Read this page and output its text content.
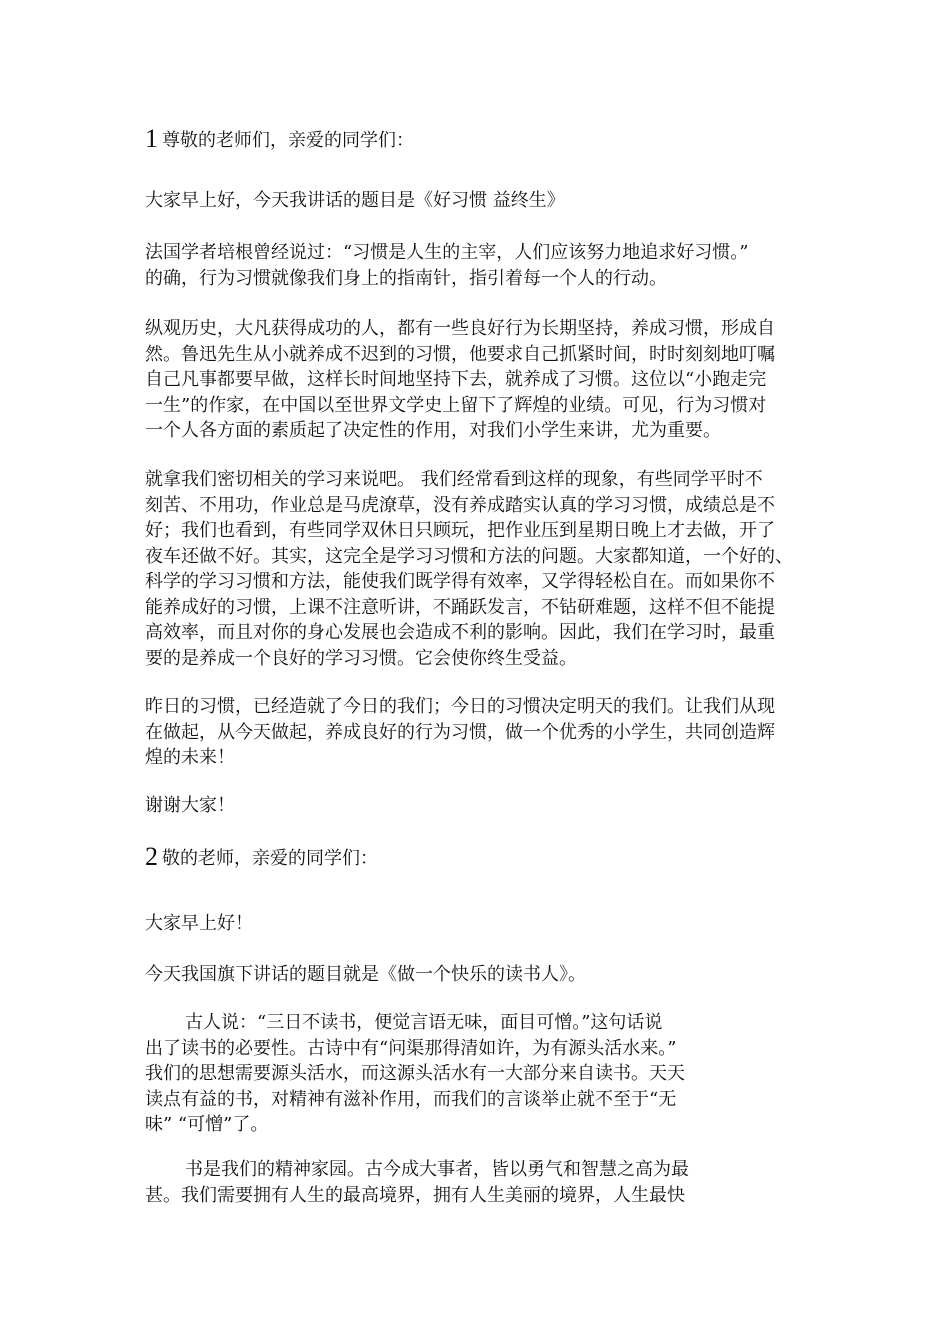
1 尊敬的老师们，亲爱的同学们：

大家早上好，今天我讲话的题目是《好习惯 益终生》

法国学者培根曾经说过：“习惯是人生的主宰，人们应该努力地追求好习惯。”
的确，行为习惯就像我们身上的指南针，指引着每一个人的行动。

纵观历史，大凡获得成功的人，都有一些良好行为长期坚持，养成习惯，形成自
然。鲁迅先生从小就养成不迟到的习惯，他要求自己抓紧时间，时时刻刻地叮嘱
自己凡事都要早做，这样长时间地坚持下去，就养成了习惯。这位以“小跑走完
一生”的作家，在中国以至世界文学史上留下了辉煌的业绩。可见，行为习惯对
一个人各方面的素质起了决定性的作用，对我们小学生来讲，尤为重要。

就拿我们密切相关的学习来说吧。 我们经常看到这样的现象，有些同学平时不
刻苦、不用功，作业总是马虎潦草，没有养成踏实认真的学习习惯，成绩总是不
好；我们也看到，有些同学双休日只顾玩，把作业压到星期日晚上才去做，开了
夜车还做不好。其实，这完全是学习习惯和方法的问题。大家都知道，一个好的、
科学的学习习惯和方法，能使我们既学得有效率，又学得轻松自在。而如果你不
能养成好的习惯，上课不注意听讲，不踊跃发言，不钻研难题，这样不但不能提
高效率，而且对你的身心发展也会造成不利的影响。因此，我们在学习时，最重
要的是养成一个良好的学习习惯。它会使你终生受益。

昨日的习惯，已经造就了今日的我们；今日的习惯决定明天的我们。让我们从现
在做起，从今天做起，养成良好的行为习惯，做一个优秀的小学生，共同创造辉
煌的未来！

谢谢大家！

2 敬的老师，亲爱的同学们：

大家早上好！

今天我国旗下讲话的题目就是《做一个快乐的读书人》。

古人说：“三日不读书，便觉言语无味，面目可憎。”这句话说
出了读书的必要性。古诗中有“问渠那得清如许，为有源头活水来。”
我们的思想需要源头活水，而这源头活水有一大部分来自读书。天天
读点有益的书，对精神有滋补作用，而我们的言谈举止就不至于“无
味” “可憎”了。

书是我们的精神家园。古今成大事者，皆以勇气和智慧之高为最
甚。我们需要拥有人生的最高境界，拥有人生美丽的境界，人生最快
